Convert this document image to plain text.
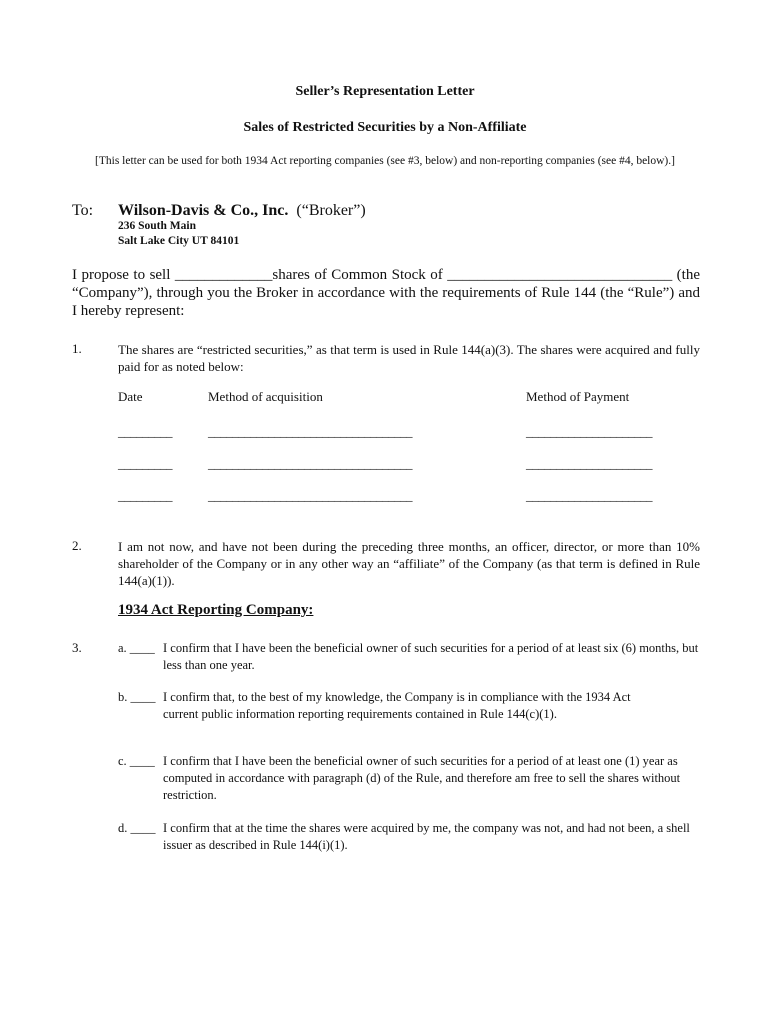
Seller’s Representation Letter
Sales of Restricted Securities by a Non-Affiliate
[This letter can be used for both 1934 Act reporting companies (see #3, below) and non-reporting companies (see #4, below).]
To: Wilson-Davis & Co., Inc. (“Broker”)
236 South Main
Salt Lake City UT 84101
I propose to sell _____________shares of Common Stock of ______________________________ (the “Company”), through you the Broker in accordance with the requirements of Rule 144 (the “Rule”) and I hereby represent:
1.	The shares are “restricted securities,” as that term is used in Rule 144(a)(3). The shares were acquired and fully paid for as noted below:
Date	Method of acquisition	Method of Payment
_________	__________________________________	_____________________
_________	__________________________________	_____________________
_________	__________________________________	_____________________
2.	I am not now, and have not been during the preceding three months, an officer, director, or more than 10% shareholder of the Company or in any other way an “affiliate” of the Company (as that term is defined in Rule 144(a)(1)).
1934 Act Reporting Company:
3.	a. ____ I confirm that I have been the beneficial owner of such securities for a period of at least six (6) months, but less than one year.
b. ____ I confirm that, to the best of my knowledge, the Company is in compliance with the 1934 Act current public information reporting requirements contained in Rule 144(c)(1).
c. ____ I confirm that I have been the beneficial owner of such securities for a period of at least one (1) year as computed in accordance with paragraph (d) of the Rule, and therefore am free to sell the shares without restriction.
d. ____ I confirm that at the time the shares were acquired by me, the company was not, and had not been, a shell issuer as described in Rule 144(i)(1).
